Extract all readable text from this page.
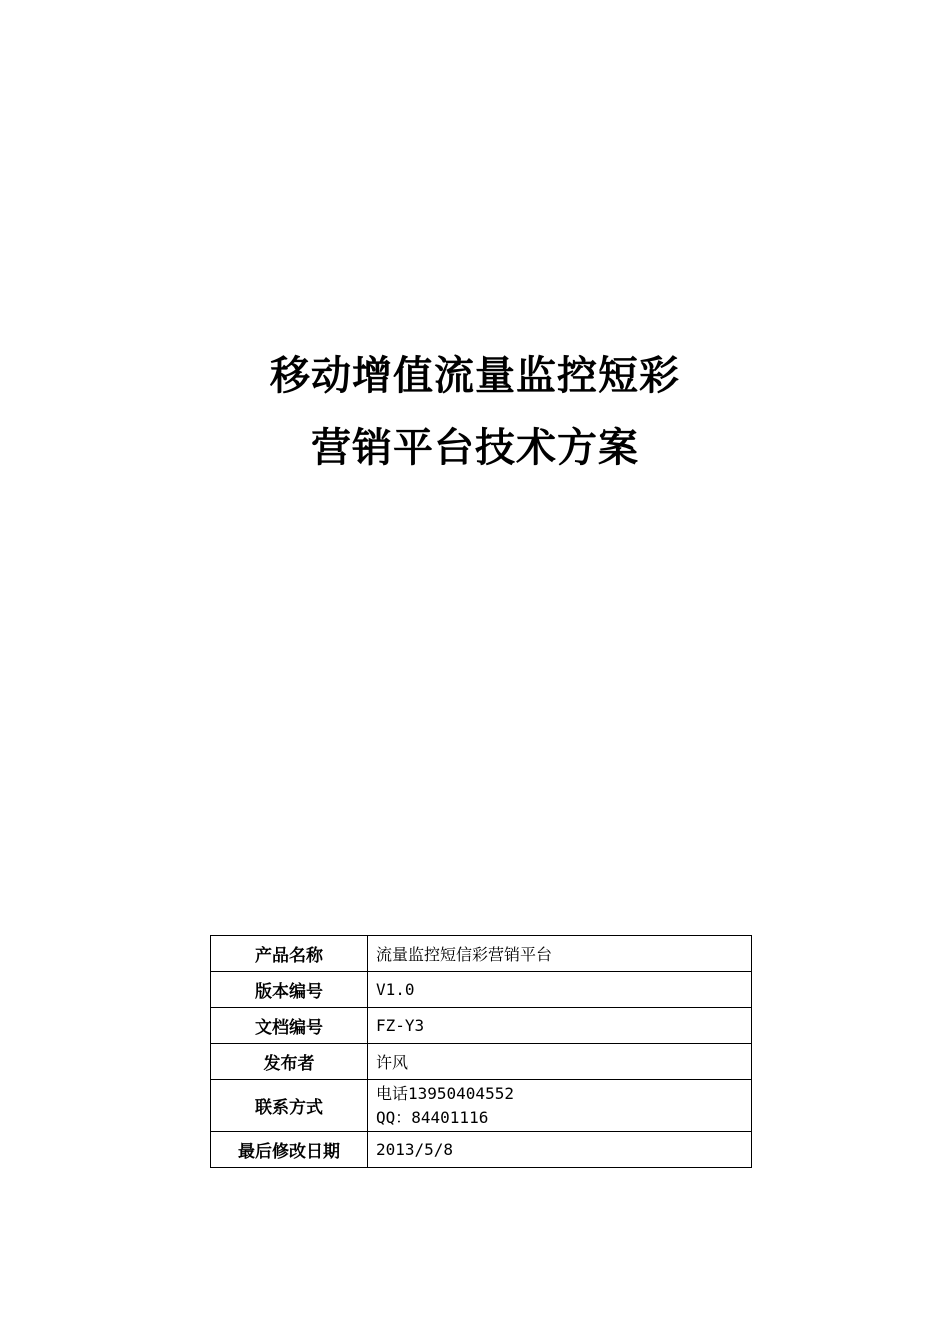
移动增值流量监控短彩
营销平台技术方案
产品名称	流量监控短信彩营销平台
版本编号	V1.0
文档编号	FZ-Y3
发布者	许风
联系方式	电话13950404552
QQ：84401116

最后修改日期	2013/5/8
